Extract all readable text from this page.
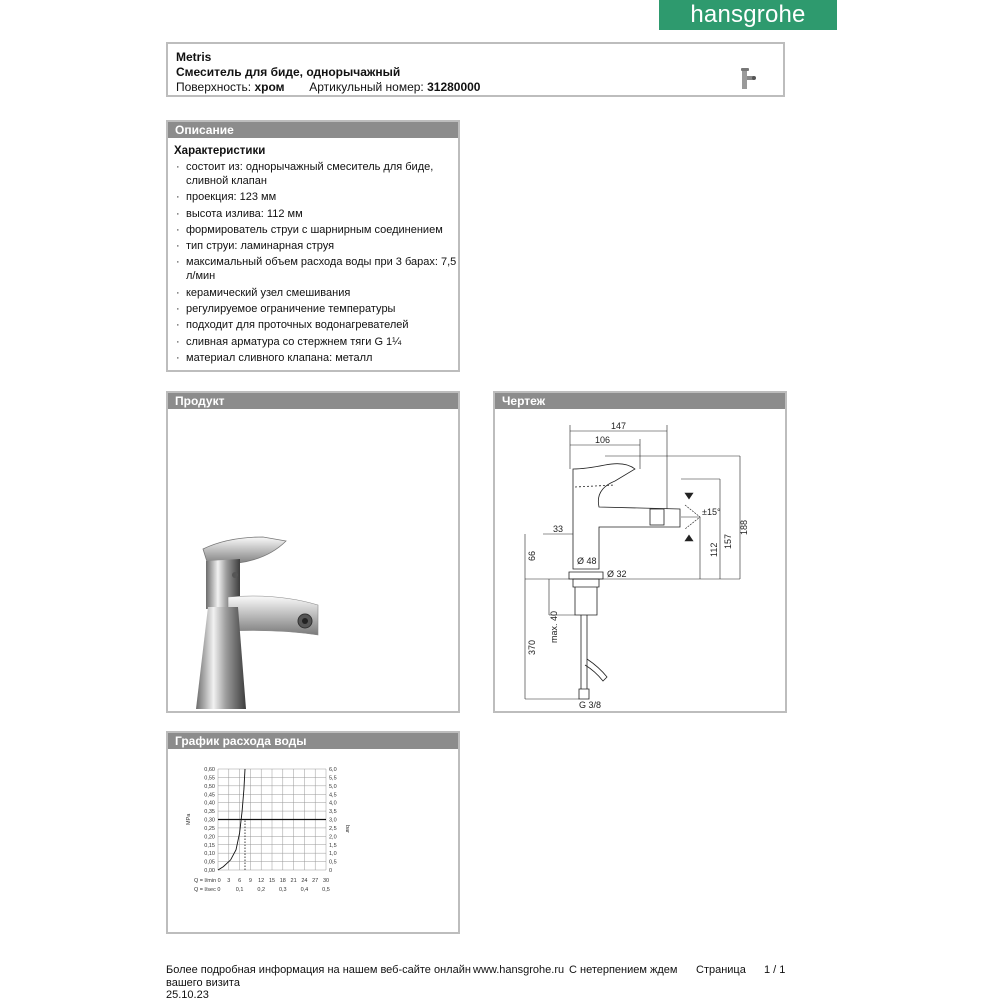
hansgrohe
Metris
Смеситель для биде, однорычажный
Поверхность: хром Артикульный номер: 31280000
Описание
Характеристики
· состоит из: однорычажный смеситель для биде, сливной клапан
· проекция: 123 мм
· высота излива: 112 мм
· формирователь струи с шарнирным соединением
· тип струи: ламинарная струя
· максимальный объем расхода воды при 3 барах: 7,5 л/мин
· керамический узел смешивания
· регулируемое ограничение температуры
· подходит для проточных водонагревателей
· сливная арматура со стержнем тяги G 1¼
· материал сливного клапана: металл
Продукт	Чертеж
147
106
33
Ø 48
Ø 32
±15°
G 3/8
66	112
157
188
max. 40
370
График расхода воды
0,60
0,55
0,50
0,45
0,40
0,35
0,30
0,25
0,20
0,15
0,10
0,05
0,00
6,0
5,5
5,0
4,5
4,0
3,5
3,0
2,5
2,0
1,5
1,0
0,5
0
3 6 9 12 15 18 21 24 27 30
0,1	0,2	0,3	0,4	0,5
MPa
bar
Q = l/min 0
Q = l/sec 0
Более подробная информация на нашем веб-сайте онлайн www.hansgrohe.ru С нетерпением ждем Страница 1 / 1
вашего визита
25.10.23
